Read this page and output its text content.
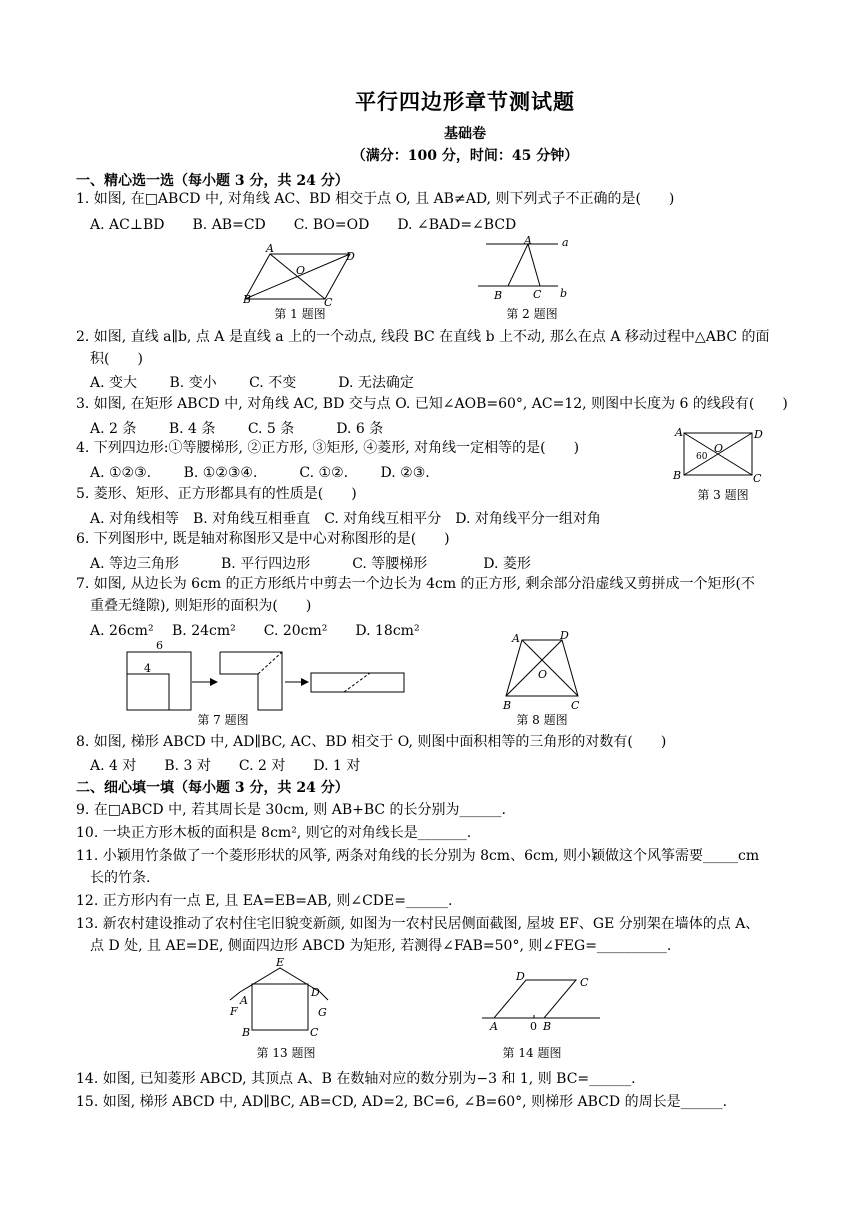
平行四边形章节测试题
基础卷
（满分：100 分，时间：45 分钟）
一、精心选一选（每小题 3 分，共 24 分）
1. 如图, 在□ABCD 中, 对角线 AC、BD 相交于点 O, 且 AB≠AD, 则下列式子不正确的是(　　)
A. AC⊥BD　　B. AB=CD　　C. BO=OD　　D. ∠BAD=∠BCD
A
D
B	C
O
第 1 题图
A	a
B	C b
第 2 题图
2. 如图, 直线 a∥b, 点 A 是直线 a 上的一个动点, 线段 BC 在直线 b 上不动, 那么在点 A 移动过程中△ABC 的面
积(　　)
A. 变大　　 B. 变小　　 C. 不变　　　D. 无法确定
3. 如图, 在矩形 ABCD 中, 对角线 AC, BD 交与点 O. 已知∠AOB=60°, AC=12, 则图中长度为 6 的线段有(　　)
A. 2 条　　 B. 4 条　　 C. 5 条　　　D. 6 条	A	D
B	C
O
60
第 3 题图
4. 下列四边形:①等腰梯形, ②正方形, ③矩形, ④菱形, 对角线一定相等的是(　　)
A. ①②③.　　 B. ①②③④.　　　C. ①②.　　 D. ②③.
5. 菱形、矩形、正方形都具有的性质是(　　)
A. 对角线相等　B. 对角线互相垂直　C. 对角线互相平分　D. 对角线平分一组对角
6. 下列图形中, 既是轴对称图形又是中心对称图形的是(　　)
A. 等边三角形　　　B. 平行四边形　　　C. 等腰梯形　　　　D. 菱形
7. 如图, 从边长为 6cm 的正方形纸片中剪去一个边长为 4cm 的正方形, 剩余部分沿虚线又剪拼成一个矩形(不
重叠无缝隙), 则矩形的面积为(　　)
A. 26cm²　 B. 24cm²　　C. 20cm²　　D. 18cm²
6
4
第 7 题图
A	D
B	C
O
第 8 题图
8. 如图, 梯形 ABCD 中, AD∥BC, AC、BD 相交于 O, 则图中面积相等的三角形的对数有(　　)
A. 4 对　　B. 3 对　　C. 2 对　　D. 1 对
二、细心填一填（每小题 3 分，共 24 分）
9. 在□ABCD 中, 若其周长是 30cm, 则 AB+BC 的长分别为______.
10. 一块正方形木板的面积是 8cm², 则它的对角线长是_______.
11. 小颖用竹条做了一个菱形形状的风筝, 两条对角线的长分别为 8cm、6cm, 则小颖做这个风筝需要_____cm
长的竹条.
12. 正方形内有一点 E, 且 EA=EB=AB, 则∠CDE=______.
13. 新农村建设推动了农村住宅旧貌变新颜, 如图为一农村民居侧面截图, 屋坡 EF、GE 分别架在墙体的点 A、
点 D 处, 且 AE=DE, 侧面四边形 ABCD 为矩形, 若测得∠FAB=50°, 则∠FEG=__________.
E
A
D
F	G
B	C
第 13 题图
D	C
A	0 B
第 14 题图
14. 如图, 已知菱形 ABCD, 其顶点 A、B 在数轴对应的数分别为−3 和 1, 则 BC=______.
15. 如图, 梯形 ABCD 中, AD∥BC, AB=CD, AD=2, BC=6, ∠B=60°, 则梯形 ABCD 的周长是______.
